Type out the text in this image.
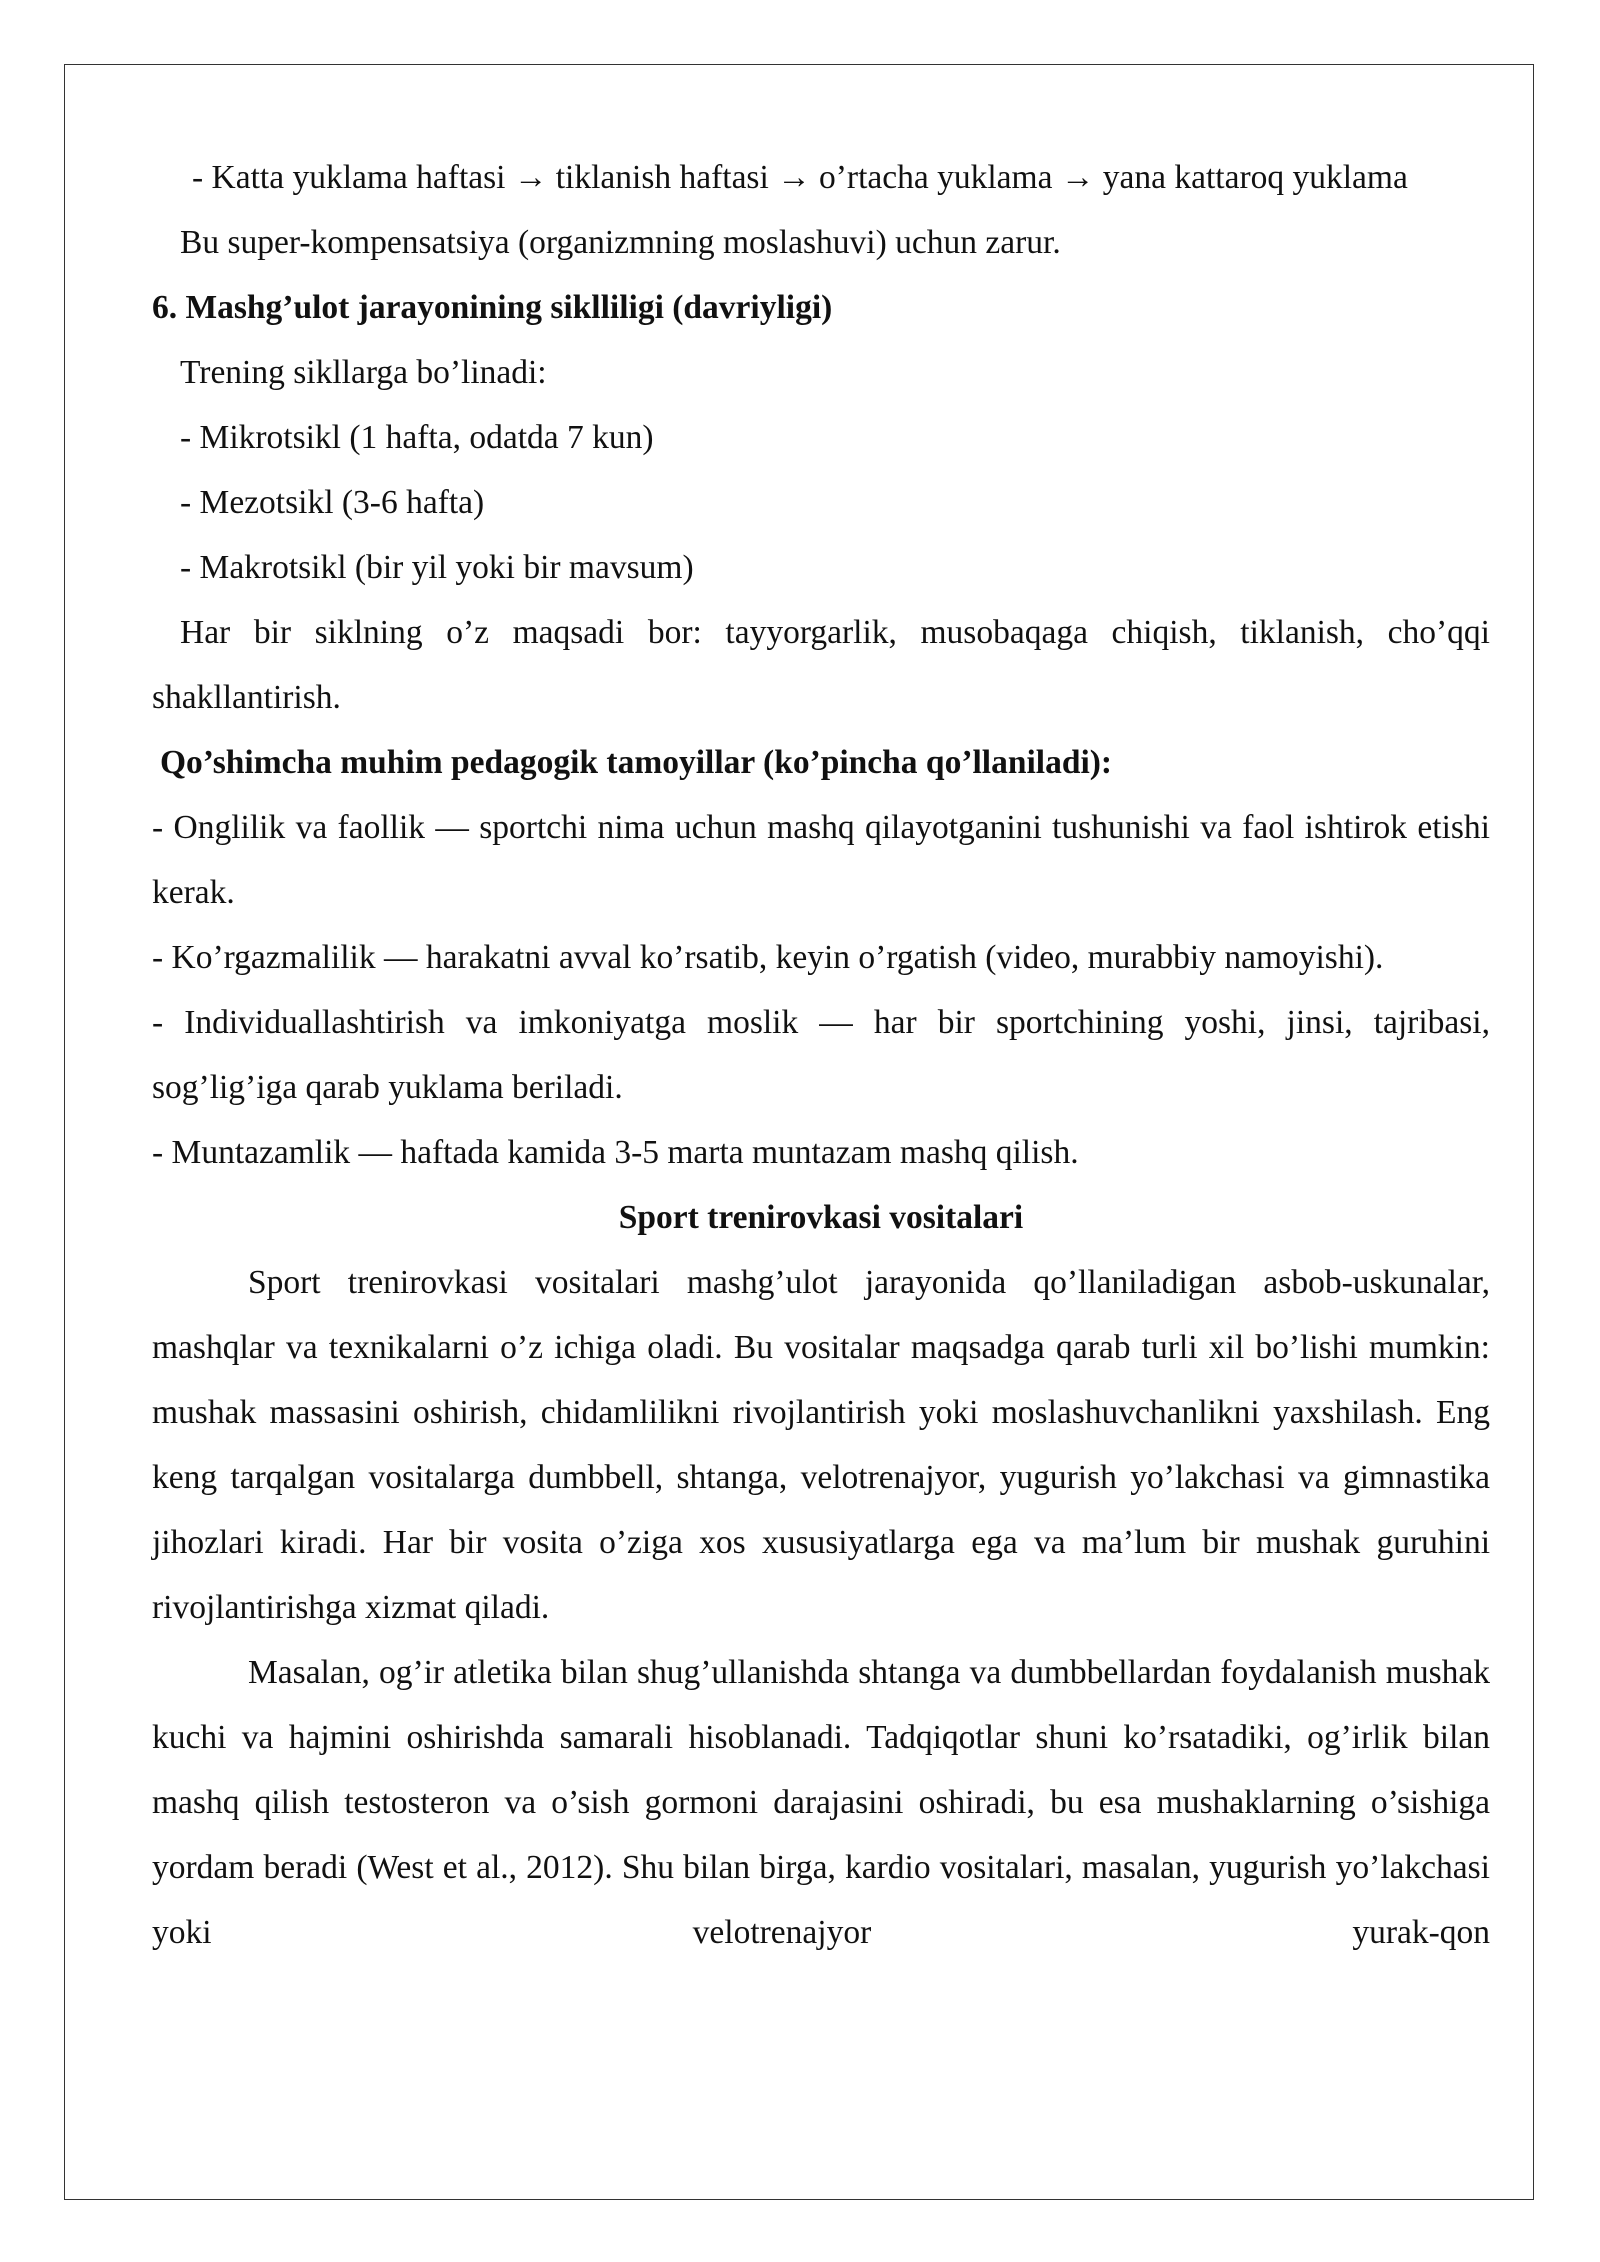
- Katta yuklama haftasi → tiklanish haftasi → o’rtacha yuklama → yana kattaroq yuklama

Bu super-kompensatsiya (organizmning moslashuvi) uchun zarur.

6. Mashg’ulot jarayonining siklliligi (davriyligi)

Trening sikllarga bo’linadi:

- Mikrotsikl (1 hafta, odatda 7 kun)

- Mezotsikl (3-6 hafta)

- Makrotsikl (bir yil yoki bir mavsum)

Har bir siklning o’z maqsadi bor: tayyorgarlik, musobaqaga chiqish, tiklanish, cho’qqi shakllantirish.

Qo’shimcha muhim pedagogik tamoyillar (ko’pincha qo’llaniladi):

- Onglilik va faollik — sportchi nima uchun mashq qilayotganini tushunishi va faol ishtirok etishi kerak.

- Ko’rgazmalilik — harakatni avval ko’rsatib, keyin o’rgatish (video, murabbiy namoyishi).

- Individuallashtirish va imkoniyatga moslik — har bir sportchining yoshi, jinsi, tajribasi, sog’lig’iga qarab yuklama beriladi.

- Muntazamlik — haftada kamida 3-5 marta muntazam mashq qilish.

Sport trenirovkasi vositalari

Sport trenirovkasi vositalari mashg’ulot jarayonida qo’llaniladigan asbob-uskunalar, mashqlar va texnikalarni o’z ichiga oladi. Bu vositalar maqsadga qarab turli xil bo’lishi mumkin: mushak massasini oshirish, chidamlilikni rivojlantirish yoki moslashuvchanlikni yaxshilash. Eng keng tarqalgan vositalarga dumbbell, shtanga, velotrenajyor, yugurish yo’lakchasi va gimnastika jihozlari kiradi. Har bir vosita o’ziga xos xususiyatlarga ega va ma’lum bir mushak guruhini rivojlantirishga xizmat qiladi.

Masalan, og’ir atletika bilan shug’ullanishda shtanga va dumbbellardan foydalanish mushak kuchi va hajmini oshirishda samarali hisoblanadi. Tadqiqotlar shuni ko’rsatadiki, og’irlik bilan mashq qilish testosteron va o’sish gormoni darajasini oshiradi, bu esa mushaklarning o’sishiga yordam beradi (West et al., 2012). Shu bilan birga, kardio vositalari, masalan, yugurish yo’lakchasi yoki velotrenajyor yurak-qon
